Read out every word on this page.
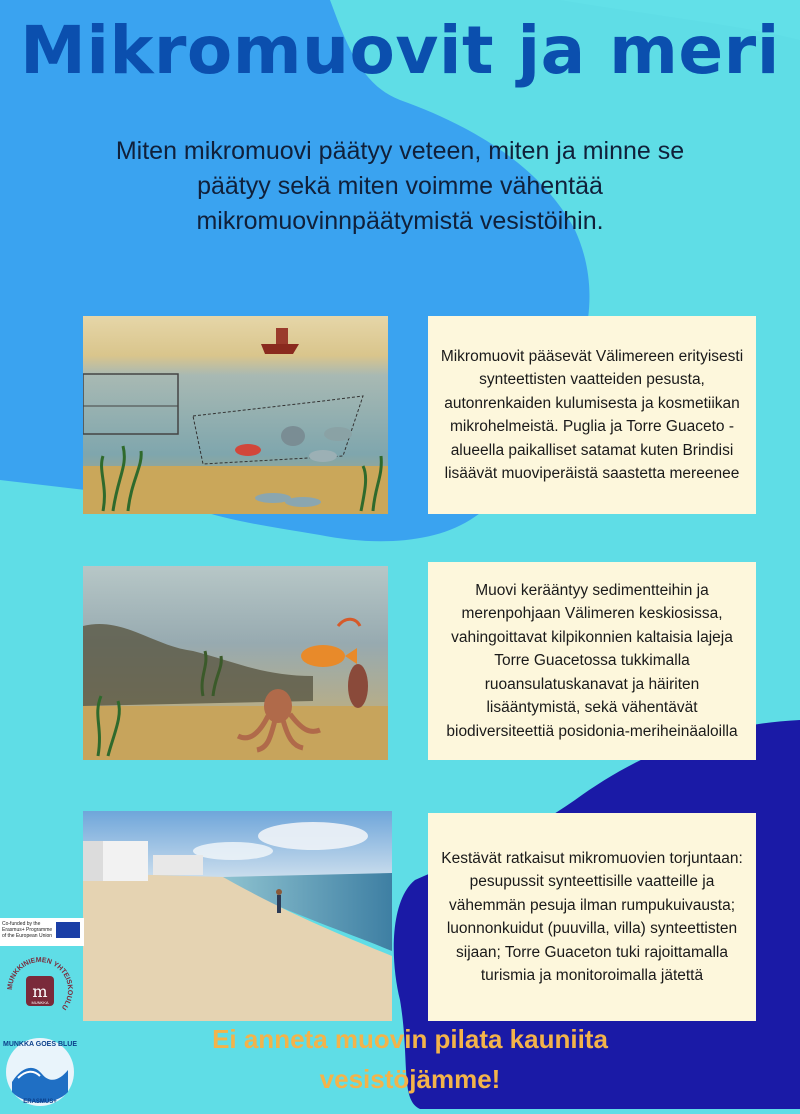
Mikromuovit ja meri

Miten mikromuovi päätyy veteen, miten ja minne se päätyy sekä miten voimme vähentää mikromuovinnpäätymistä vesistöihin.

Mikromuovit pääsevät Välimereen erityisesti synteettisten vaatteiden pesusta, autonrenkaiden kulumisesta ja kosmetiikan mikrohelmeistä. Puglia ja Torre Guaceto -alueella paikalliset satamat kuten Brindisi lisäävät muoviperäistä saastetta mereenee
Muovi kerääntyy sedimentteihin ja merenpohjaan Välimeren keskiosissa, vahingoittavat kilpikonnien kaltaisia lajeja Torre Guacetossa tukkimalla ruoansulatuskanavat ja häiriten lisääntymistä, sekä vähentävät biodiversiteettiä posidonia-meriheinäaloilla
Kestävät ratkaisut mikromuovien torjuntaan: pesupussit synteettisille vaatteille ja vähemmän pesuja ilman rumpukuivausta; luonnonkuidut (puuvilla, villa) synteettisten sijaan; Torre Guaceton tuki rajoittamalla turismia ja monitoroimalla jätettä

Ei anneta muovin pilata kauniita

vesistöjämme!

Co-funded by the Erasmus+ Programme of the European Union
MUNKKINIEMEN YHTEISKOULU
m
MUNKKA
MUNKKA GOES BLUE
ERASMUS+
